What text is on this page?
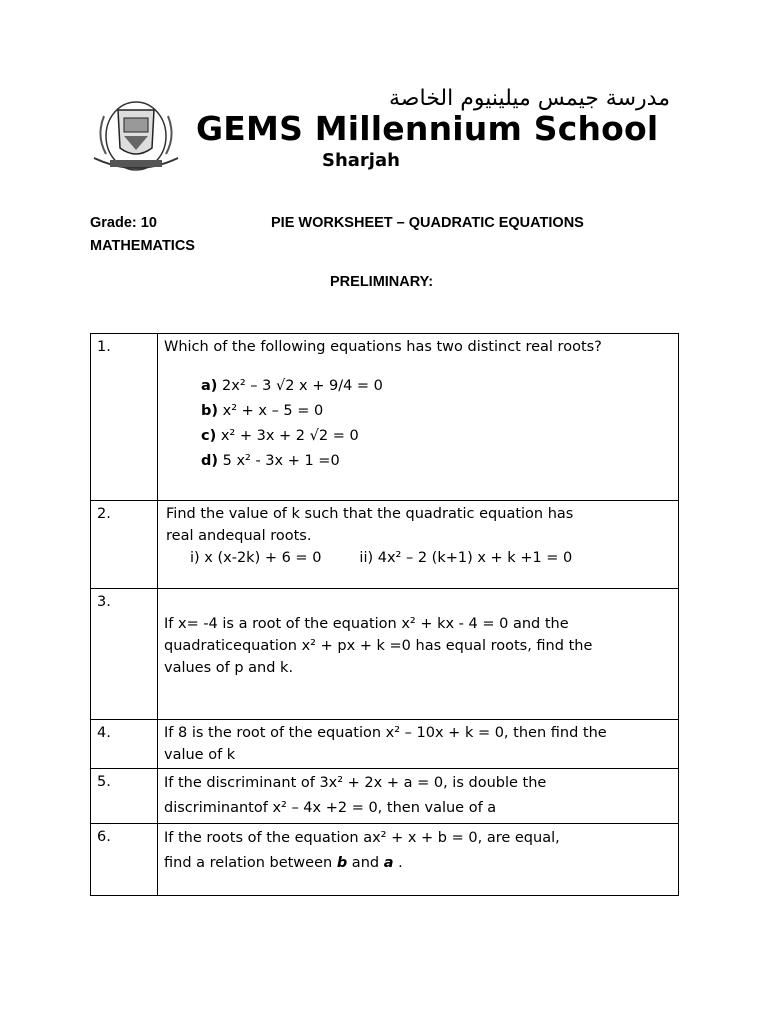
مدرسة جيمس ميلينيوم الخاصة
GEMS Millennium School
Sharjah
Grade: 10
MATHEMATICS
PIE WORKSHEET – QUADRATIC EQUATIONS
PRELIMINARY:
1.	Which of the following equations has two distinct real roots?
a) 2x² – 3 √2 x + 9/4 = 0
b) x² + x – 5 = 0
c) x² + 3x + 2 √2 = 0
d) 5 x² - 3x + 1 =0

2.	Find the value of k such that the quadratic equation has
real andequal roots.
i) x (x-2k) + 6 = 0 ii) 4x² – 2 (k+1) x + k +1 = 0

3.	If x= -4 is a root of the equation x² + kx - 4 = 0 and the
quadraticequation x² + px + k =0 has equal roots, find the
values of p and k.

4.	If 8 is the root of the equation x² – 10x + k = 0, then find the
value of k

5.	If the discriminant of 3x² + 2x + a = 0, is double the
discriminantof x² – 4x +2 = 0, then value of a

6.	If the roots of the equation ax² + x + b = 0, are equal,
find a relation between b and a .
